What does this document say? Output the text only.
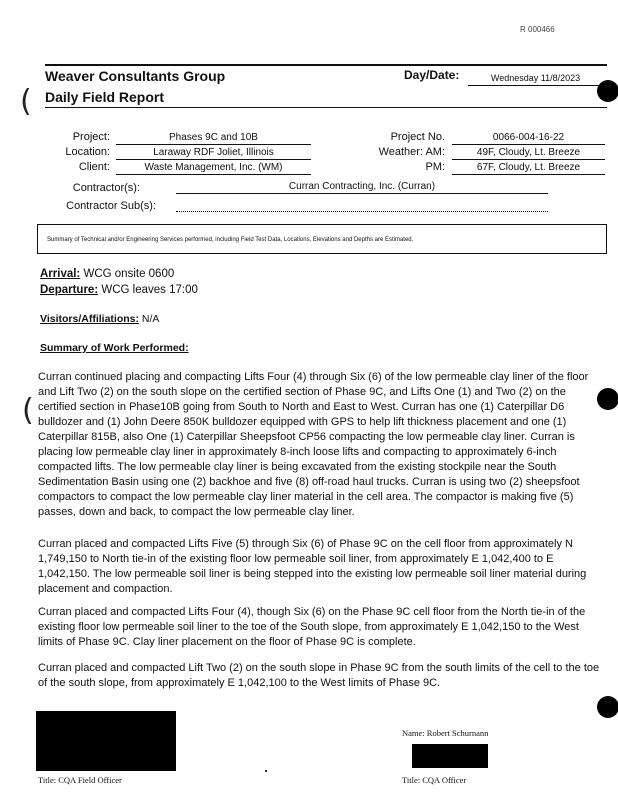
R 000466
Weaver Consultants Group
Daily Field Report
Day/Date:	Wednesday 11/8/2023
(
(
Project:	Phases 9C and 10B
Location:	Laraway RDF Joliet, Illinois
Client:	Waste Management, Inc. (WM)
Project No.	0066-004-16-22
Weather: AM:	49F, Cloudy, Lt. Breeze
PM:	67F, Cloudy, Lt. Breeze
Contractor(s):	Curran Contracting, Inc. (Curran)
Contractor Sub(s):
Summary of Technical and/or Engineering Services performed, including Field Test Data, Locations, Elevations and Depths are Estimated.
Arrival: WCG onsite 0600
Departure: WCG leaves 17:00
Visitors/Affiliations: N/A
Summary of Work Performed:

Curran continued placing and compacting Lifts Four (4) through Six (6) of the low permeable clay liner of the floor and Lift Two (2) on the south slope on the certified section of Phase 9C, and Lifts One (1) and Two (2) on the certified section in Phase10B going from South to North and East to West. Curran has one (1) Caterpillar D6 bulldozer and (1) John Deere 850K bulldozer equipped with GPS to help lift thickness placement and one (1) Caterpillar 815B, also One (1) Caterpillar Sheepsfoot CP56 compacting the low permeable clay liner. Curran is placing low permeable clay liner in approximately 8-inch loose lifts and compacting to approximately 6-inch compacted lifts. The low permeable clay liner is being excavated from the existing stockpile near the South Sedimentation Basin using one (2) backhoe and five (8) off-road haul trucks. Curran is using two (2) sheepsfoot compactors to compact the low permeable clay liner material in the cell area. The compactor is making five (5) passes, down and back, to compact the low permeable clay liner.

Curran placed and compacted Lifts Five (5) through Six (6) of Phase 9C on the cell floor from approximately N 1,749,150 to North tie-in of the existing floor low permeable soil liner, from approximately E 1,042,400 to E 1,042,150. The low permeable soil liner is being stepped into the existing low permeable soil liner material during placement and compaction.

Curran placed and compacted Lifts Four (4), though Six (6) on the Phase 9C cell floor from the North tie-in of the existing floor low permeable soil liner to the toe of the South slope, from approximately E 1,042,150 to the West limits of Phase 9C. Clay liner placement on the floor of Phase 9C is complete.

Curran placed and compacted Lift Two (2) on the south slope in Phase 9C from the south limits of the cell to the toe of the south slope, from approximately E 1,042,100 to the West limits of Phase 9C.

Title: CQA Field Officer
Name: Robert Schurnann
Title: CQA Officer
